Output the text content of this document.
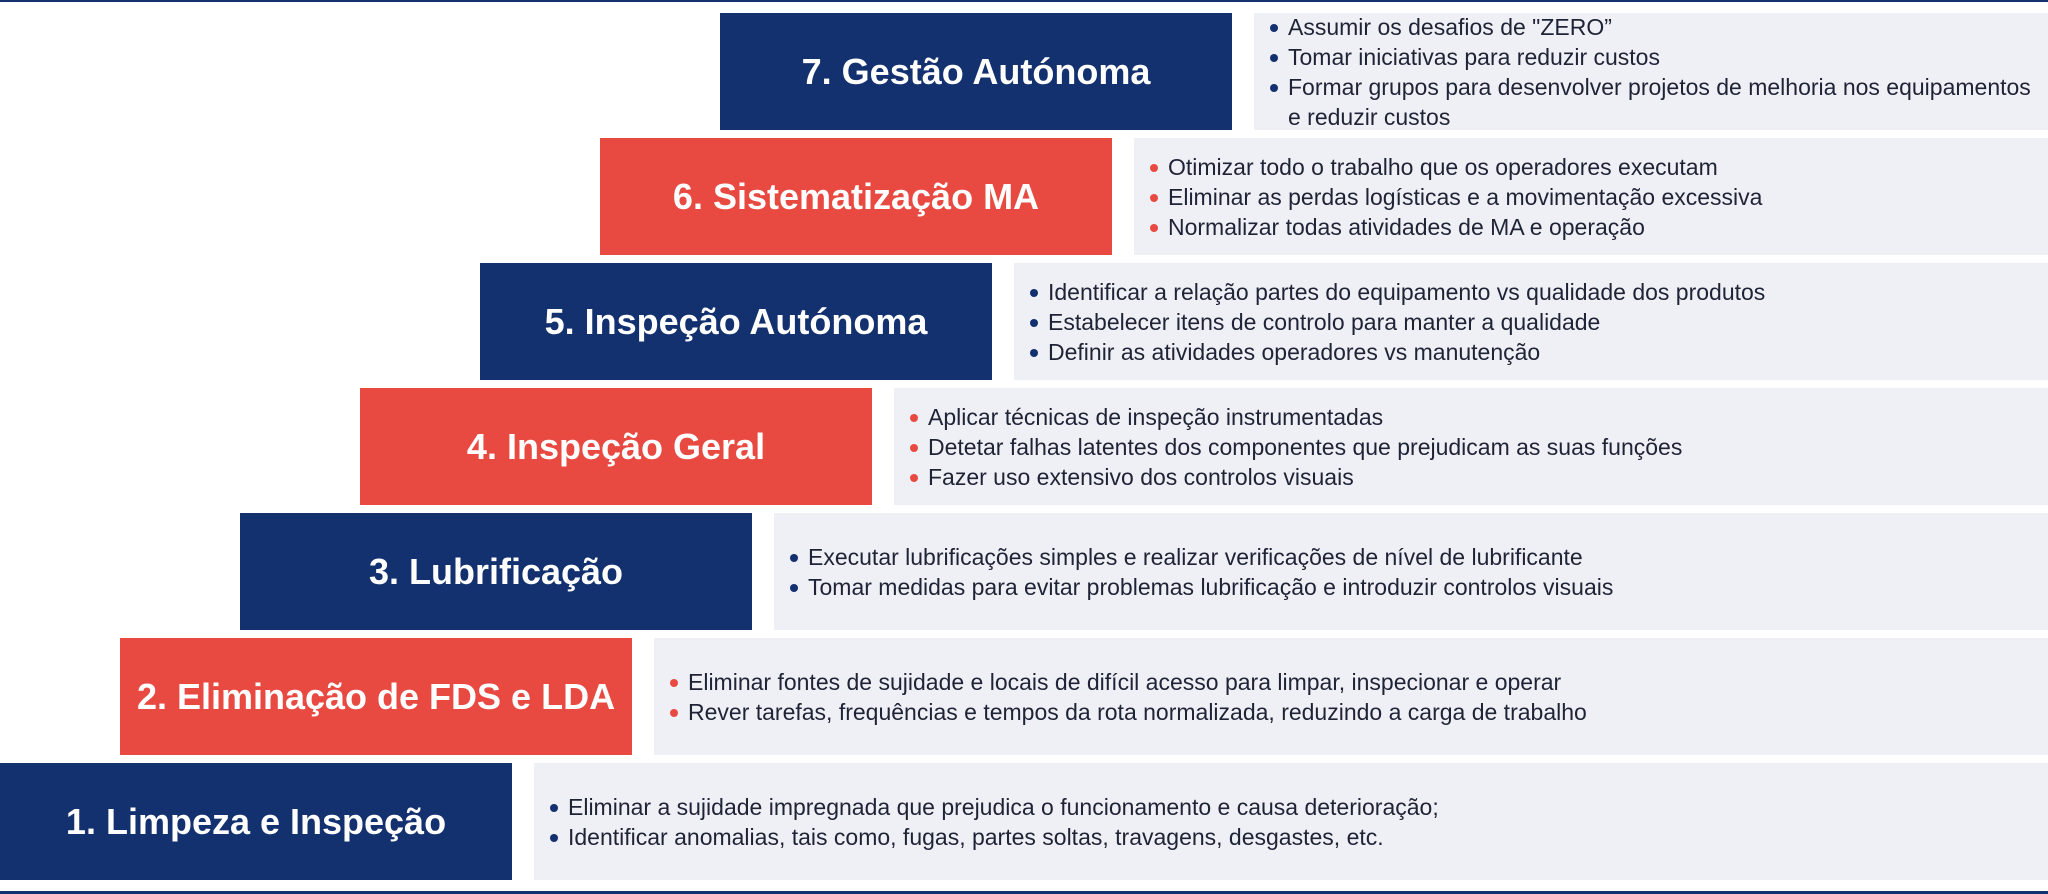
7. Gestão Autónoma
Assumir os desafios de "ZERO”
Tomar iniciativas para reduzir custos
Formar grupos para desenvolver projetos de melhoria nos equipamentos e reduzir custos
6. Sistematização MA
Otimizar todo o trabalho que os operadores executam
Eliminar as perdas logísticas e a movimentação excessiva
Normalizar todas atividades de MA e operação
5. Inspeção Autónoma
Identificar a relação partes do equipamento vs qualidade dos produtos
Estabelecer itens de controlo para manter a qualidade
Definir as atividades operadores vs manutenção
4. Inspeção Geral
Aplicar técnicas de inspeção instrumentadas
Detetar falhas latentes dos componentes que prejudicam as suas funções
Fazer uso extensivo dos controlos visuais
3. Lubrificação	Executar lubrificações simples e realizar verificações de nível de lubrificante
Tomar medidas para evitar problemas lubrificação e introduzir controlos visuais
2. Eliminação de FDS e LDA	Eliminar fontes de sujidade e locais de difícil acesso para limpar, inspecionar e operar
Rever tarefas, frequências e tempos da rota normalizada, reduzindo a carga de trabalho
1. Limpeza e Inspeção	Eliminar a sujidade impregnada que prejudica o funcionamento e causa deterioração;
Identificar anomalias, tais como, fugas, partes soltas, travagens, desgastes, etc.
